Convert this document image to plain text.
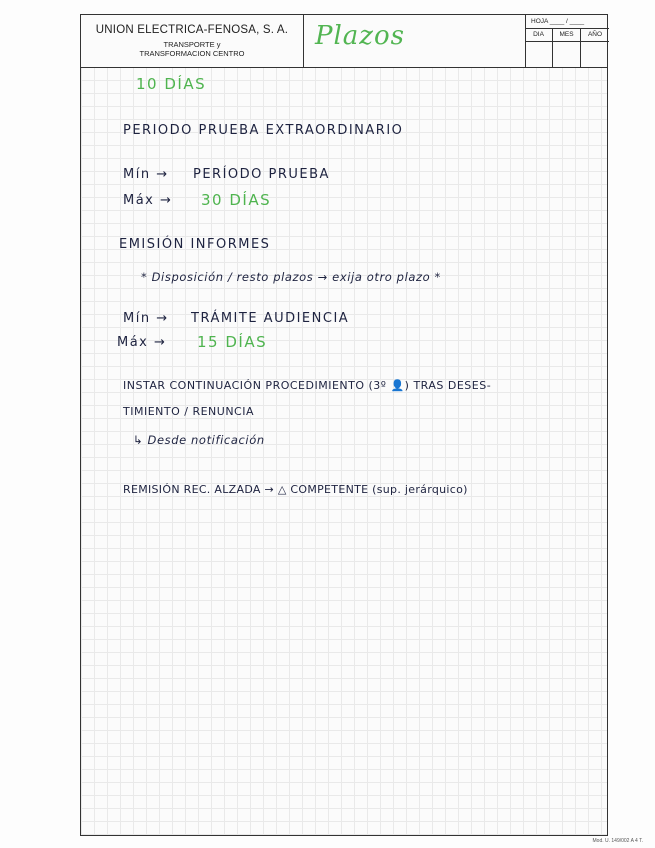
UNION ELECTRICA-FENOSA, S. A.
TRANSPORTE y
TRANSFORMACION CENTRO
Plazos	HOJA ____ / ____
DIA	MES	AÑO
10 DÍAS
PERIODO PRUEBA EXTRAORDINARIO
Mín → PERÍODO PRUEBA
Máx → 30 DÍAS
EMISIÓN INFORMES
* Disposición / resto plazos → exija otro plazo *
Mín → TRÁMITE AUDIENCIA
Máx → 15 DÍAS
INSTAR CONTINUACIÓN PROCEDIMIENTO (3º 👤) TRAS DESES-
TIMIENTO / RENUNCIA
↳ Desde notificación
REMISIÓN REC. ALZADA → △ COMPETENTE (sup. jerárquico)
Mod. U. 149/002 A 4 T.
